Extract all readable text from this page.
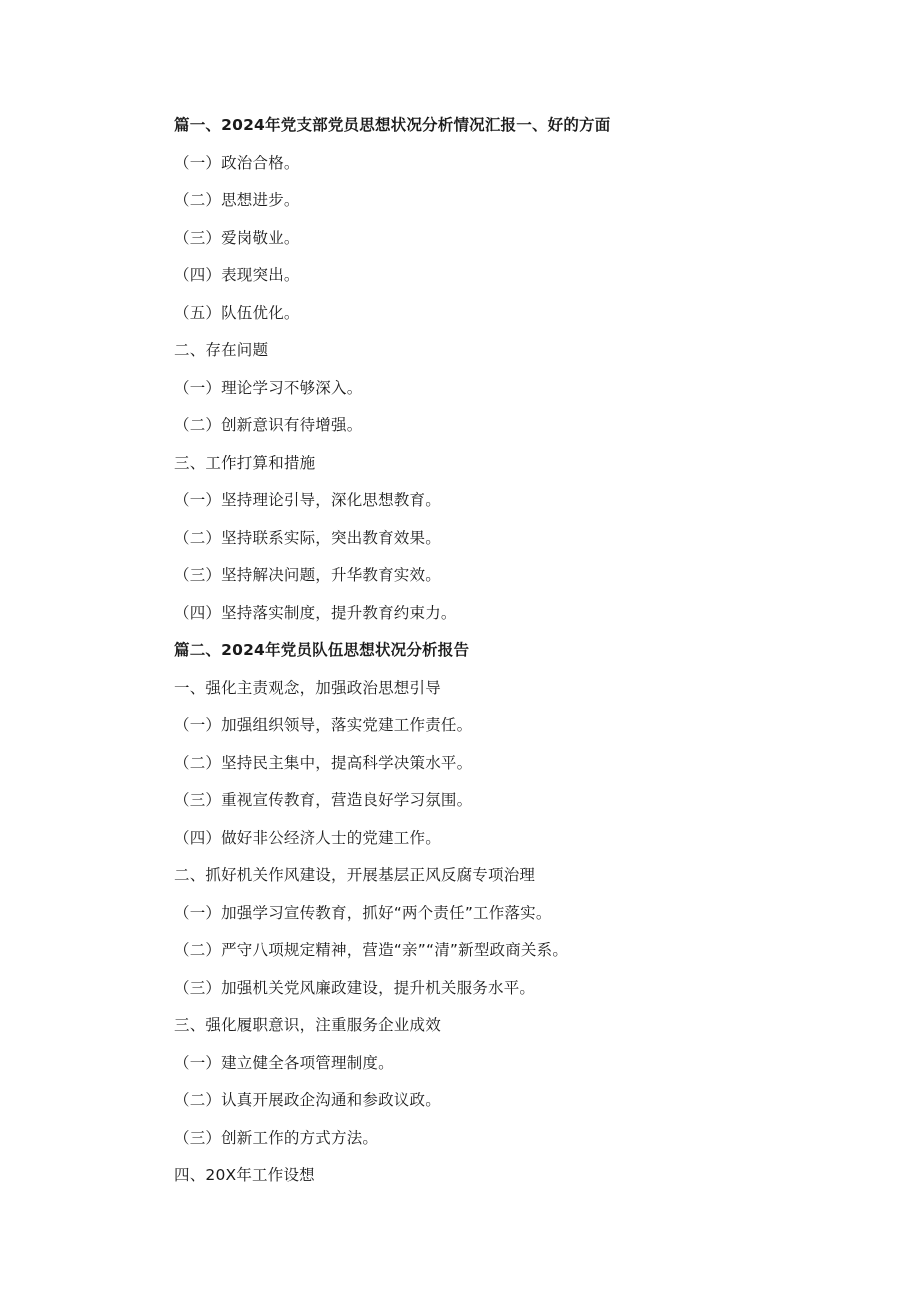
篇一、2024年党支部党员思想状况分析情况汇报一、好的方面
（一）政治合格。
（二）思想进步。
（三）爱岗敬业。
（四）表现突出。
（五）队伍优化。
二、存在问题
（一）理论学习不够深入。
（二）创新意识有待增强。
三、工作打算和措施
（一）坚持理论引导，深化思想教育。
（二）坚持联系实际，突出教育效果。
（三）坚持解决问题，升华教育实效。
（四）坚持落实制度，提升教育约束力。
篇二、2024年党员队伍思想状况分析报告
一、强化主责观念，加强政治思想引导
（一）加强组织领导，落实党建工作责任。
（二）坚持民主集中，提高科学决策水平。
（三）重视宣传教育，营造良好学习氛围。
（四）做好非公经济人士的党建工作。
二、抓好机关作风建设，开展基层正风反腐专项治理
（一）加强学习宣传教育，抓好“两个责任”工作落实。
（二）严守八项规定精神，营造“亲”“清”新型政商关系。
（三）加强机关党风廉政建设，提升机关服务水平。
三、强化履职意识，注重服务企业成效
（一）建立健全各项管理制度。
（二）认真开展政企沟通和参政议政。
（三）创新工作的方式方法。
四、20X年工作设想
